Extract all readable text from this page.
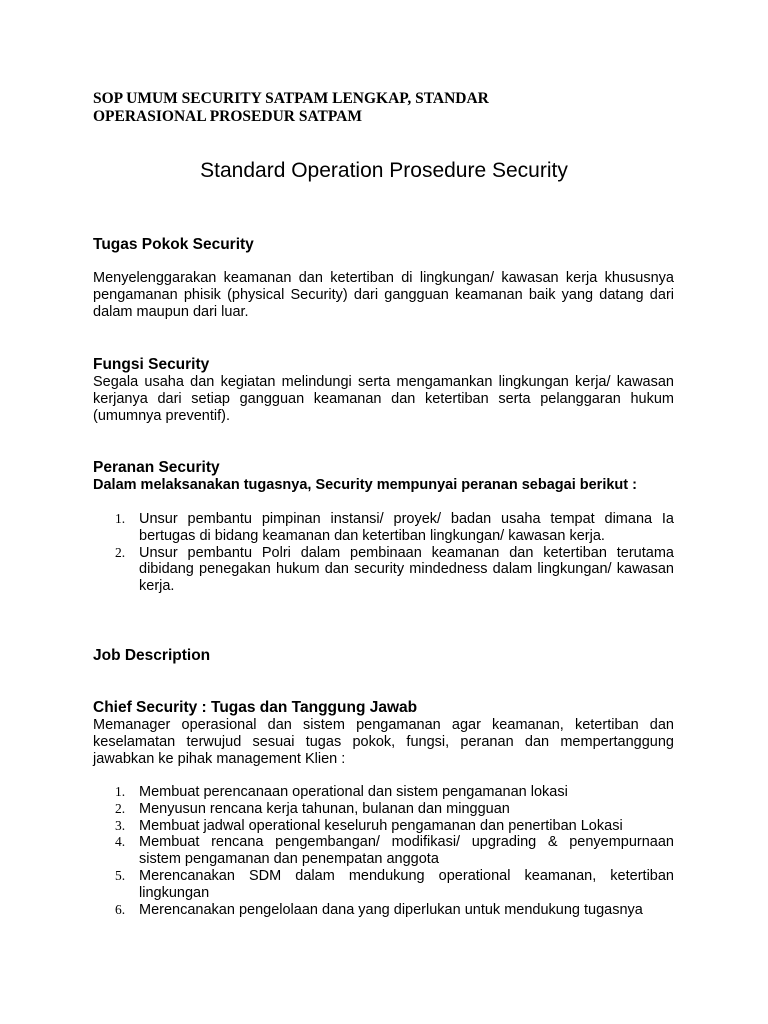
SOP UMUM SECURITY SATPAM LENGKAP, STANDAR
OPERASIONAL PROSEDUR SATPAM
Standard Operation Prosedure Security
Tugas Pokok Security

Menyelenggarakan keamanan dan ketertiban di lingkungan/ kawasan kerja khususnya pengamanan phisik (physical Security) dari gangguan keamanan baik yang datang dari dalam maupun dari luar.

Fungsi Security

Segala usaha dan kegiatan melindungi serta mengamankan lingkungan kerja/ kawasan kerjanya dari setiap gangguan keamanan dan ketertiban serta pelanggaran hukum (umumnya preventif).

Peranan Security
Dalam melaksanakan tugasnya, Security mempunyai peranan sebagai berikut :
1. Unsur pembantu pimpinan instansi/ proyek/ badan usaha tempat dimana Ia bertugas di bidang keamanan dan ketertiban lingkungan/ kawasan kerja.
2. Unsur pembantu Polri dalam pembinaan keamanan dan ketertiban terutama dibidang penegakan hukum dan security mindedness dalam lingkungan/ kawasan kerja.
Job Description
Chief Security : Tugas dan Tanggung Jawab

Memanager operasional dan sistem pengamanan agar keamanan, ketertiban dan keselamatan terwujud sesuai tugas pokok, fungsi, peranan dan mempertanggung jawabkan ke pihak management Klien :

1. Membuat perencanaan operational dan sistem pengamanan lokasi
2. Menyusun rencana kerja tahunan, bulanan dan mingguan
3. Membuat jadwal operational keseluruh pengamanan dan penertiban Lokasi
4. Membuat rencana pengembangan/ modifikasi/ upgrading & penyempurnaan sistem pengamanan dan penempatan anggota
5. Merencanakan SDM dalam mendukung operational keamanan, ketertiban lingkungan
6. Merencanakan pengelolaan dana yang diperlukan untuk mendukung tugasnya
